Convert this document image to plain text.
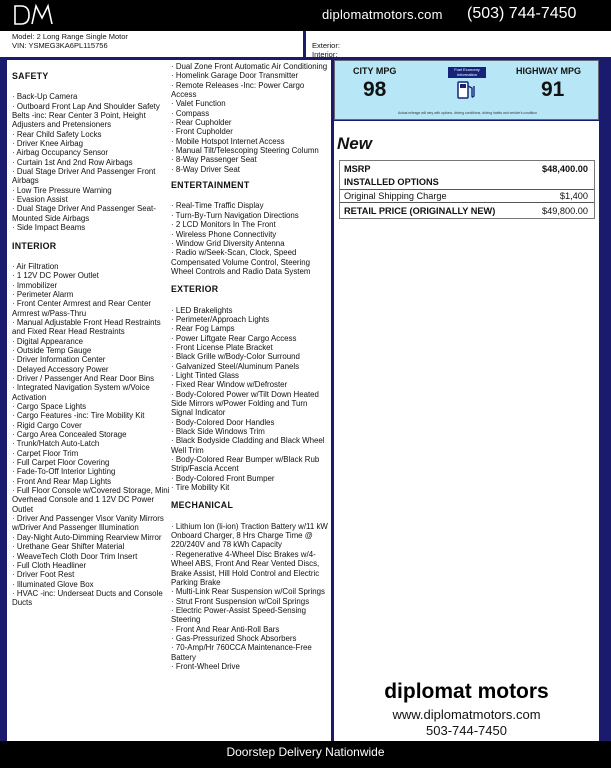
diplomatmotors.com (503) 744-7450
Model: 2 Long Range Single Motor
VIN: YSMEG3KA6PL115756	Exterior:
Interior:
SAFETY
· Back-Up Camera
· Outboard Front Lap And Shoulder Safety Belts -inc: Rear Center 3 Point, Height Adjusters and Pretensioners
· Rear Child Safety Locks
· Driver Knee Airbag
· Airbag Occupancy Sensor
· Curtain 1st And 2nd Row Airbags
· Dual Stage Driver And Passenger Front Airbags
· Low Tire Pressure Warning
· Evasion Assist
· Dual Stage Driver And Passenger Seat-Mounted Side Airbags
· Side Impact Beams
INTERIOR
· Air Filtration
· 1 12V DC Power Outlet
· Immobilizer
· Perimeter Alarm
· Front Center Armrest and Rear Center Armrest w/Pass-Thru
· Manual Adjustable Front Head Restraints and Fixed Rear Head Restraints
· Digital Appearance
· Outside Temp Gauge
· Driver Information Center
· Delayed Accessory Power
· Driver / Passenger And Rear Door Bins
· Integrated Navigation System w/Voice Activation
· Cargo Space Lights
· Cargo Features -inc: Tire Mobility Kit
· Rigid Cargo Cover
· Cargo Area Concealed Storage
· Trunk/Hatch Auto-Latch
· Carpet Floor Trim
· Full Carpet Floor Covering
· Fade-To-Off Interior Lighting
· Front And Rear Map Lights
· Full Floor Console w/Covered Storage, Mini Overhead Console and 1 12V DC Power Outlet
· Driver And Passenger Visor Vanity Mirrors w/Driver And Passenger Illumination
· Day-Night Auto-Dimming Rearview Mirror
· Urethane Gear Shifter Material
· WeaveTech Cloth Door Trim Insert
· Full Cloth Headliner
· Driver Foot Rest
· Illuminated Glove Box
· HVAC -inc: Underseat Ducts and Console Ducts
· Dual Zone Front Automatic Air Conditioning
· Homelink Garage Door Transmitter
· Remote Releases -Inc: Power Cargo Access
· Valet Function
· Compass
· Rear Cupholder
· Front Cupholder
· Mobile Hotspot Internet Access
· Manual Tilt/Telescoping Steering Column
· 8-Way Passenger Seat
· 8-Way Driver Seat
ENTERTAINMENT
· Real-Time Traffic Display
· Turn-By-Turn Navigation Directions
· 2 LCD Monitors In The Front
· Wireless Phone Connectivity
· Window Grid Diversity Antenna
· Radio w/Seek-Scan, Clock, Speed Compensated Volume Control, Steering Wheel Controls and Radio Data System
EXTERIOR
· LED Brakelights
· Perimeter/Approach Lights
· Rear Fog Lamps
· Power Liftgate Rear Cargo Access
· Front License Plate Bracket
· Black Grille w/Body-Color Surround
· Galvanized Steel/Aluminum Panels
· Light Tinted Glass
· Fixed Rear Window w/Defroster
· Body-Colored Power w/Tilt Down Heated Side Mirrors w/Power Folding and Turn Signal Indicator
· Body-Colored Door Handles
· Black Side Windows Trim
· Black Bodyside Cladding and Black Wheel Well Trim
· Body-Colored Rear Bumper w/Black Rub Strip/Fascia Accent
· Body-Colored Front Bumper
· Tire Mobility Kit
MECHANICAL
· Lithium Ion (li-ion) Traction Battery w/11 kW Onboard Charger, 8 Hrs Charge Time @ 220/240V and 78 kWh Capacity
· Regenerative 4-Wheel Disc Brakes w/4-Wheel ABS, Front And Rear Vented Discs, Brake Assist, Hill Hold Control and Electric Parking Brake
· Multi-Link Rear Suspension w/Coil Springs
· Strut Front Suspension w/Coil Springs
· Electric Power-Assist Speed-Sensing Steering
· Front And Rear Anti-Roll Bars
· Gas-Pressurized Shock Absorbers
· 70-Amp/Hr 760CCA Maintenance-Free Battery
· Front-Wheel Drive
CITY MPG
98
Fuel Economy Information	HIGHWAY MPG
91
Actual mileage will vary with options, driving conditions, driving habits and vehicle's condition
New
MSRP	$48,400.00
INSTALLED OPTIONS
Original Shipping Charge	$1,400
RETAIL PRICE (ORIGINALLY NEW)	$49,800.00
diplomat motors
www.diplomatmotors.com
503-744-7450
Doorstep Delivery Nationwide
